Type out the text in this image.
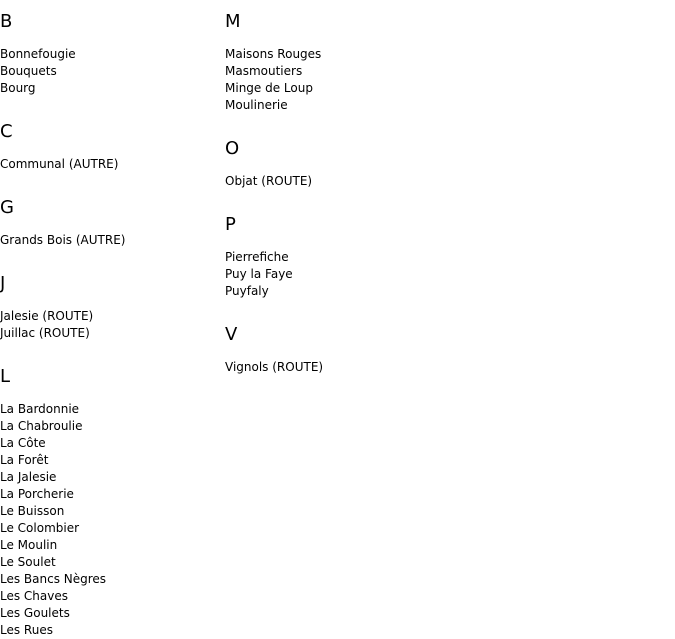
B
Bonnefougie
Bouquets
Bourg
C
Communal (AUTRE)
G
Grands Bois (AUTRE)
J
Jalesie (ROUTE)
Juillac (ROUTE)
L
La Bardonnie
La Chabroulie
La Côte
La Forêt
La Jalesie
La Porcherie
Le Buisson
Le Colombier
Le Moulin
Le Soulet
Les Bancs Nègres
Les Chaves
Les Goulets
Les Rues
M
Maisons Rouges
Masmoutiers
Minge de Loup
Moulinerie
O
Objat (ROUTE)
P
Pierrefiche
Puy la Faye
Puyfaly
V
Vignols (ROUTE)
